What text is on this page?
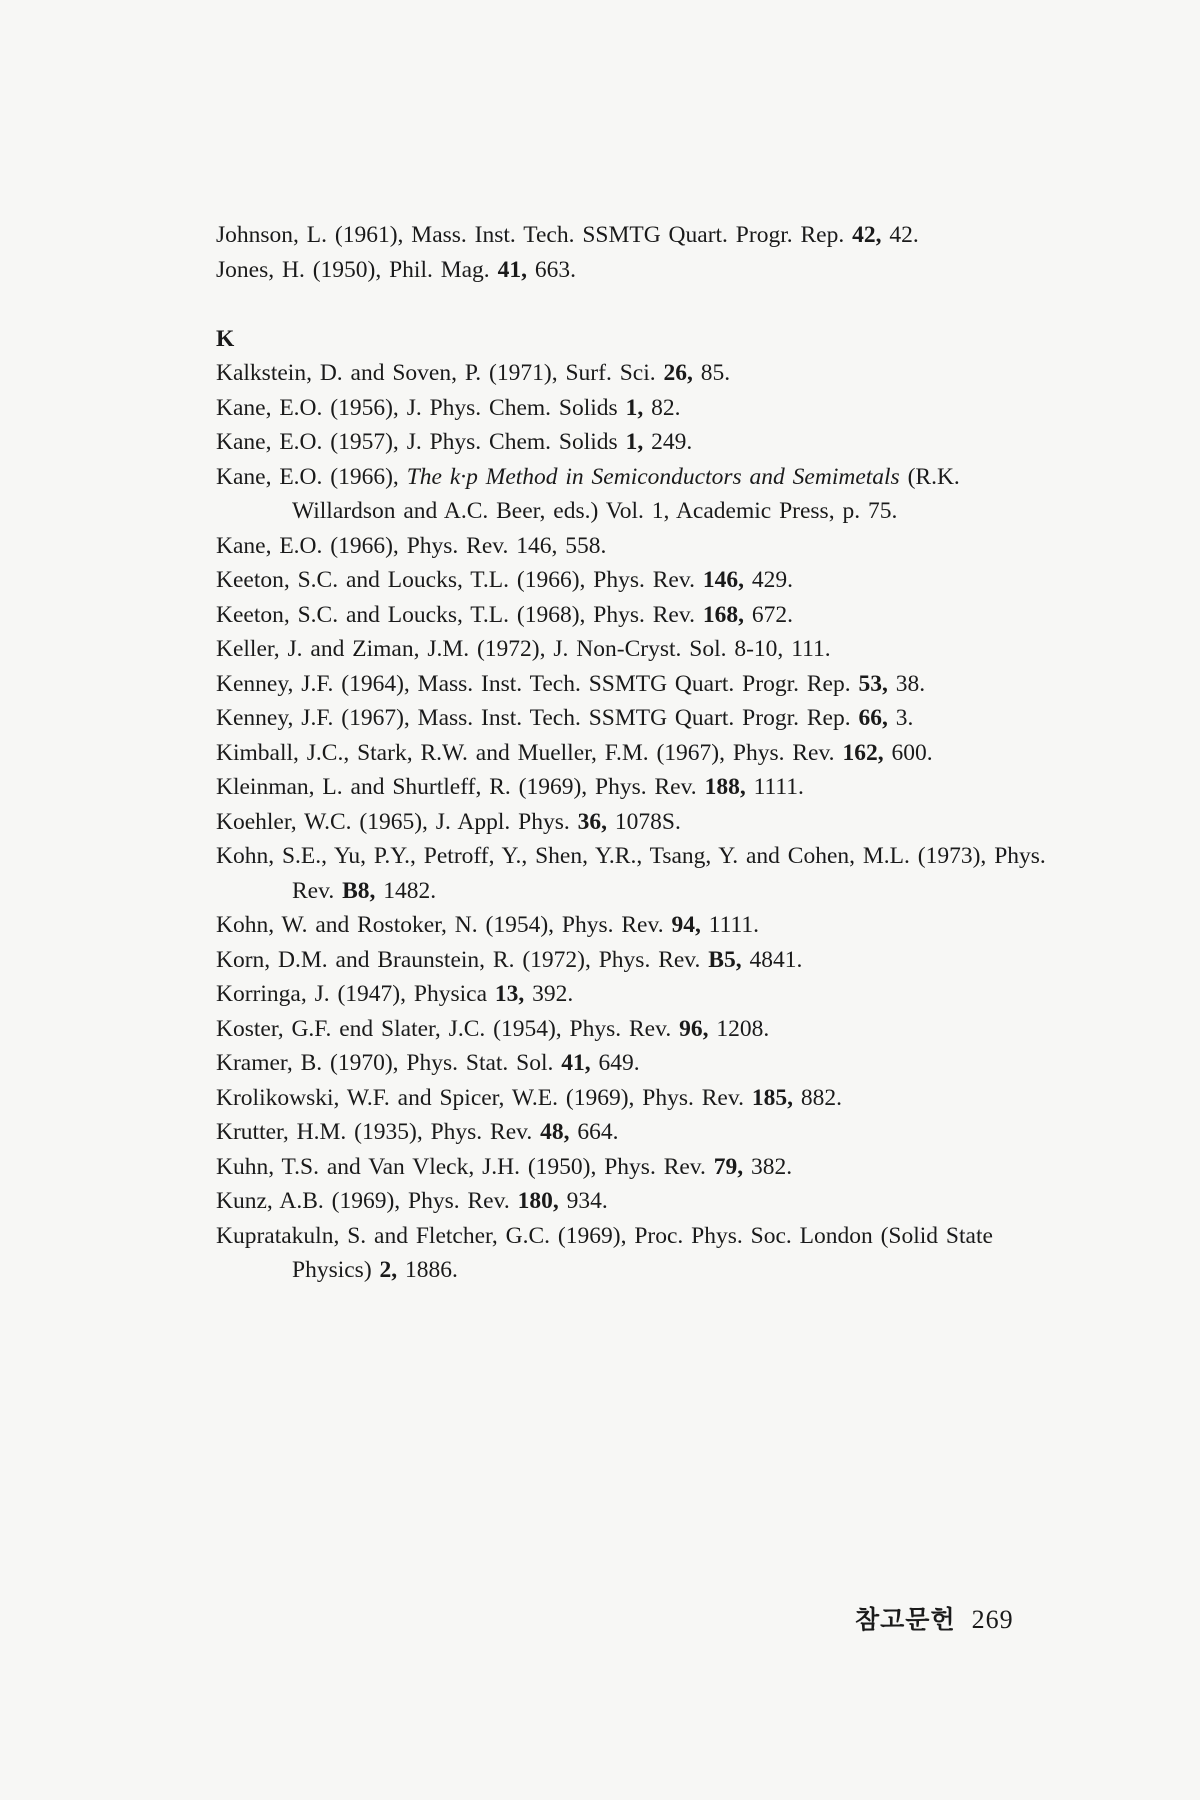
Johnson, L. (1961), Mass. Inst. Tech. SSMTG Quart. Progr. Rep. 42, 42.
Jones, H. (1950), Phil. Mag. 41, 663.
K
Kalkstein, D. and Soven, P. (1971), Surf. Sci. 26, 85.
Kane, E.O. (1956), J. Phys. Chem. Solids 1, 82.
Kane, E.O. (1957), J. Phys. Chem. Solids 1, 249.
Kane, E.O. (1966), The k·p Method in Semiconductors and Semimetals (R.K. Willardson and A.C. Beer, eds.) Vol. 1, Academic Press, p. 75.
Kane, E.O. (1966), Phys. Rev. 146, 558.
Keeton, S.C. and Loucks, T.L. (1966), Phys. Rev. 146, 429.
Keeton, S.C. and Loucks, T.L. (1968), Phys. Rev. 168, 672.
Keller, J. and Ziman, J.M. (1972), J. Non-Cryst. Sol. 8-10, 111.
Kenney, J.F. (1964), Mass. Inst. Tech. SSMTG Quart. Progr. Rep. 53, 38.
Kenney, J.F. (1967), Mass. Inst. Tech. SSMTG Quart. Progr. Rep. 66, 3.
Kimball, J.C., Stark, R.W. and Mueller, F.M. (1967), Phys. Rev. 162, 600.
Kleinman, L. and Shurtleff, R. (1969), Phys. Rev. 188, 1111.
Koehler, W.C. (1965), J. Appl. Phys. 36, 1078S.
Kohn, S.E., Yu, P.Y., Petroff, Y., Shen, Y.R., Tsang, Y. and Cohen, M.L. (1973), Phys. Rev. B8, 1482.
Kohn, W. and Rostoker, N. (1954), Phys. Rev. 94, 1111.
Korn, D.M. and Braunstein, R. (1972), Phys. Rev. B5, 4841.
Korringa, J. (1947), Physica 13, 392.
Koster, G.F. end Slater, J.C. (1954), Phys. Rev. 96, 1208.
Kramer, B. (1970), Phys. Stat. Sol. 41, 649.
Krolikowski, W.F. and Spicer, W.E. (1969), Phys. Rev. 185, 882.
Krutter, H.M. (1935), Phys. Rev. 48, 664.
Kuhn, T.S. and Van Vleck, J.H. (1950), Phys. Rev. 79, 382.
Kunz, A.B. (1969), Phys. Rev. 180, 934.
Kupratakuln, S. and Fletcher, G.C. (1969), Proc. Phys. Soc. London (Solid State Physics) 2, 1886.
참고문헌 269
